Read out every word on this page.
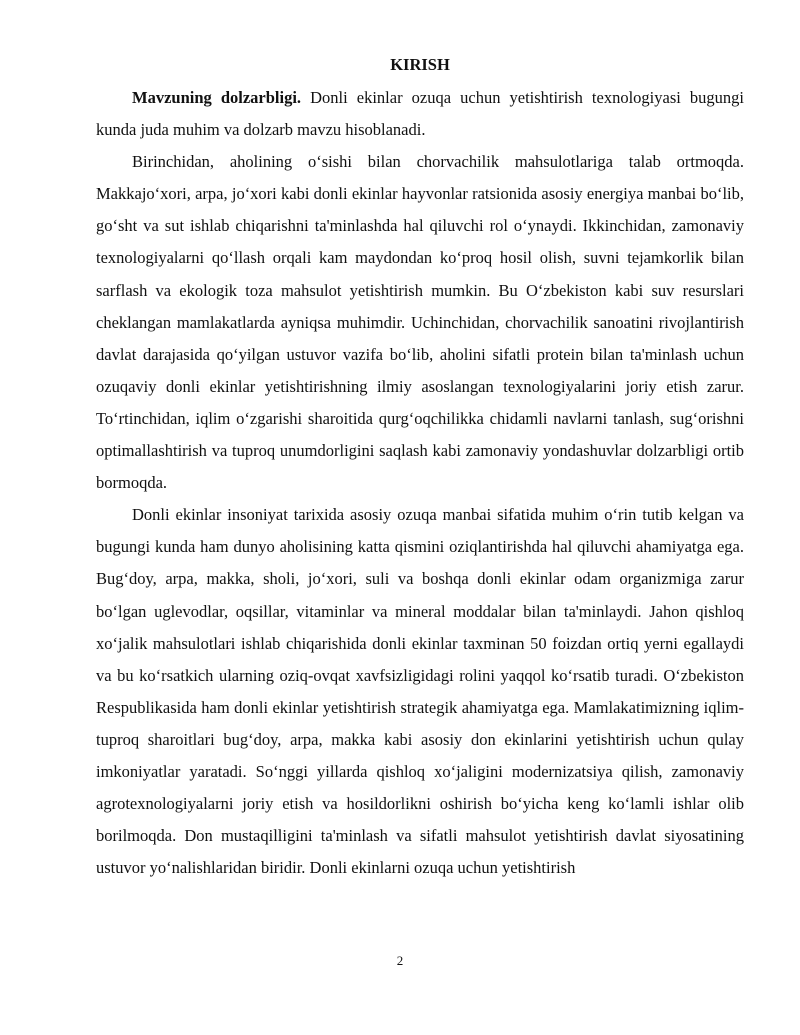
KIRISH

Mavzuning dolzarbligi. Donli ekinlar ozuqa uchun yetishtirish texnologiyasi bugungi kunda juda muhim va dolzarb mavzu hisoblanadi.

Birinchidan, aholining o‘sishi bilan chorvachilik mahsulotlariga talab ortmoqda. Makkajo‘xori, arpa, jo‘xori kabi donli ekinlar hayvonlar ratsionida asosiy energiya manbai bo‘lib, go‘sht va sut ishlab chiqarishni ta'minlashda hal qiluvchi rol o‘ynaydi. Ikkinchidan, zamonaviy texnologiyalarni qo‘llash orqali kam maydondan ko‘proq hosil olish, suvni tejamkorlik bilan sarflash va ekologik toza mahsulot yetishtirish mumkin. Bu O‘zbekiston kabi suv resurslari cheklangan mamlakatlarda ayniqsa muhimdir. Uchinchidan, chorvachilik sanoatini rivojlantirish davlat darajasida qo‘yilgan ustuvor vazifa bo‘lib, aholini sifatli protein bilan ta'minlash uchun ozuqaviy donli ekinlar yetishtirishning ilmiy asoslangan texnologiyalarini joriy etish zarur. To‘rtinchidan, iqlim o‘zgarishi sharoitida qurg‘oqchilikka chidamli navlarni tanlash, sug‘orishni optimallashtirish va tuproq unumdorligini saqlash kabi zamonaviy yondashuvlar dolzarbligi ortib bormoqda.

Donli ekinlar insoniyat tarixida asosiy ozuqa manbai sifatida muhim o‘rin tutib kelgan va bugungi kunda ham dunyo aholisining katta qismini oziqlantirishda hal qiluvchi ahamiyatga ega. Bug‘doy, arpa, makka, sholi, jo‘xori, suli va boshqa donli ekinlar odam organizmiga zarur bo‘lgan uglevodlar, oqsillar, vitaminlar va mineral moddalar bilan ta'minlaydi. Jahon qishloq xo‘jalik mahsulotlari ishlab chiqarishida donli ekinlar taxminan 50 foizdan ortiq yerni egallaydi va bu ko‘rsatkich ularning oziq-ovqat xavfsizligidagi rolini yaqqol ko‘rsatib turadi. O‘zbekiston Respublikasida ham donli ekinlar yetishtirish strategik ahamiyatga ega. Mamlakatimizning iqlim-tuproq sharoitlari bug‘doy, arpa, makka kabi asosiy don ekinlarini yetishtirish uchun qulay imkoniyatlar yaratadi. So‘nggi yillarda qishloq xo‘jaligini modernizatsiya qilish, zamonaviy agrotexnologiyalarni joriy etish va hosildorlikni oshirish bo‘yicha keng ko‘lamli ishlar olib borilmoqda. Don mustaqilligini ta'minlash va sifatli mahsulot yetishtirish davlat siyosatining ustuvor yo‘nalishlaridan biridir. Donli ekinlarni ozuqa uchun yetishtirish

2
